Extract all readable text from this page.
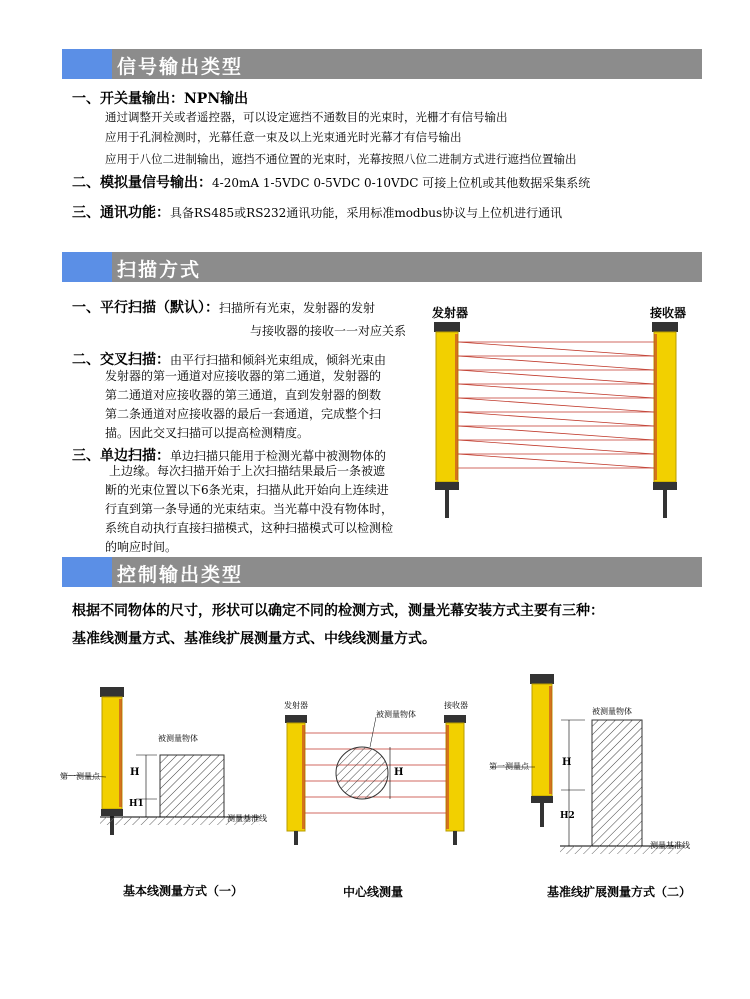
信号输出类型
一、开关量输出：NPN输出
通过调整开关或者遥控器，可以设定遮挡不通数目的光束时，光栅才有信号输出
应用于孔洞检测时，光幕任意一束及以上光束通光时光幕才有信号输出
应用于八位二进制输出，遮挡不通位置的光束时，光幕按照八位二进制方式进行遮挡位置输出
二、模拟量信号输出：4-20mA 1-5VDC 0-5VDC 0-10VDC 可接上位机或其他数据采集系统
三、通讯功能：具备RS485或RS232通讯功能，采用标准modbus协议与上位机进行通讯
扫描方式
一、平行扫描（默认）：扫描所有光束，发射器的发射
与接收器的接收一一对应关系
二、交叉扫描：由平行扫描和倾斜光束组成，倾斜光束由
发射器的第一通道对应接收器的第二通道，发射器的
第二通道对应接收器的第三通道，直到发射器的倒数
第二条通道对应接收器的最后一套通道，完成整个扫
描。因此交叉扫描可以提高检测精度。
三、单边扫描：单边扫描只能用于检测光幕中被测物体的
上边缘。每次扫描开始于上次扫描结果最后一条被遮
断的光束位置以下6条光束，扫描从此开始向上连续进
行直到第一条导通的光束结束。当光幕中没有物体时，
系统自动执行直接扫描模式，这种扫描模式可以检测检
的响应时间。
发射器	接收器
控制输出类型
根据不同物体的尺寸，形状可以确定不同的检测方式，测量光幕安装方式主要有三种：
基准线测量方式、基准线扩展测量方式、中线线测量方式。
第一测量点
被测量物体
H
H1
测量基准线
基本线测量方式（一）
发射器	接收器
被测量物体
H
中心线测量
第一测量点
被测量物体
H
H2
测量基准线
基准线扩展测量方式（二）
